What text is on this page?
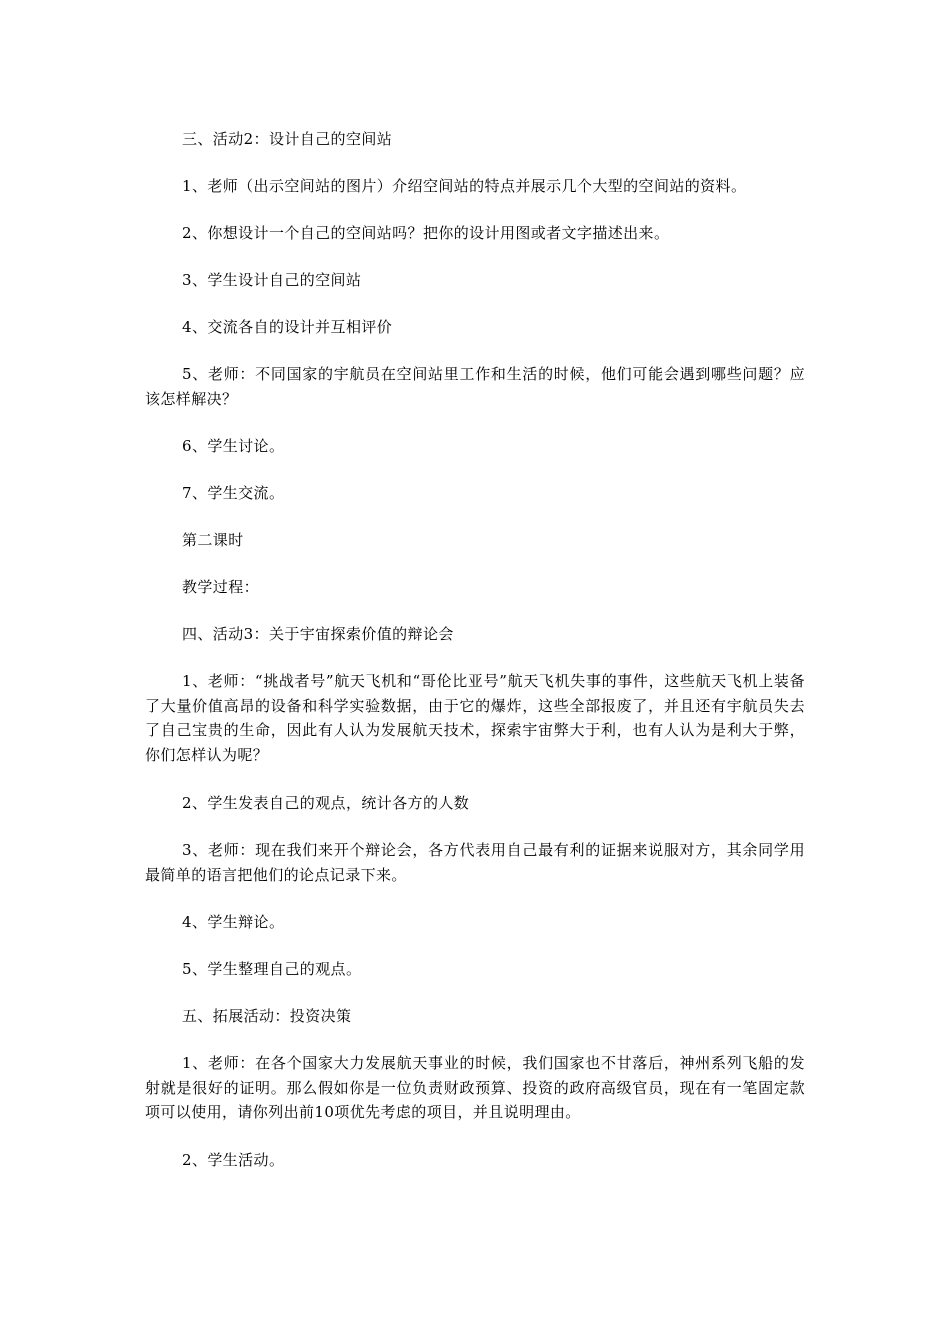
三、活动2：设计自己的空间站

1、老师（出示空间站的图片）介绍空间站的特点并展示几个大型的空间站的资料。

2、你想设计一个自己的空间站吗？把你的设计用图或者文字描述出来。

3、学生设计自己的空间站

4、交流各自的设计并互相评价

5、老师：不同国家的宇航员在空间站里工作和生活的时候，他们可能会遇到哪些问题？应该怎样解决？

6、学生讨论。

7、学生交流。

第二课时

教学过程：

四、活动3：关于宇宙探索价值的辩论会

1、老师：“挑战者号”航天飞机和“哥伦比亚号”航天飞机失事的事件，这些航天飞机上装备了大量价值高昂的设备和科学实验数据，由于它的爆炸，这些全部报废了，并且还有宇航员失去了自己宝贵的生命，因此有人认为发展航天技术，探索宇宙弊大于利，也有人认为是利大于弊，你们怎样认为呢？

2、学生发表自己的观点，统计各方的人数

3、老师：现在我们来开个辩论会，各方代表用自己最有利的证据来说服对方，其余同学用最简单的语言把他们的论点记录下来。

4、学生辩论。

5、学生整理自己的观点。

五、拓展活动：投资决策

1、老师：在各个国家大力发展航天事业的时候，我们国家也不甘落后，神州系列飞船的发射就是很好的证明。那么假如你是一位负责财政预算、投资的政府高级官员，现在有一笔固定款项可以使用，请你列出前10项优先考虑的项目，并且说明理由。

2、学生活动。
